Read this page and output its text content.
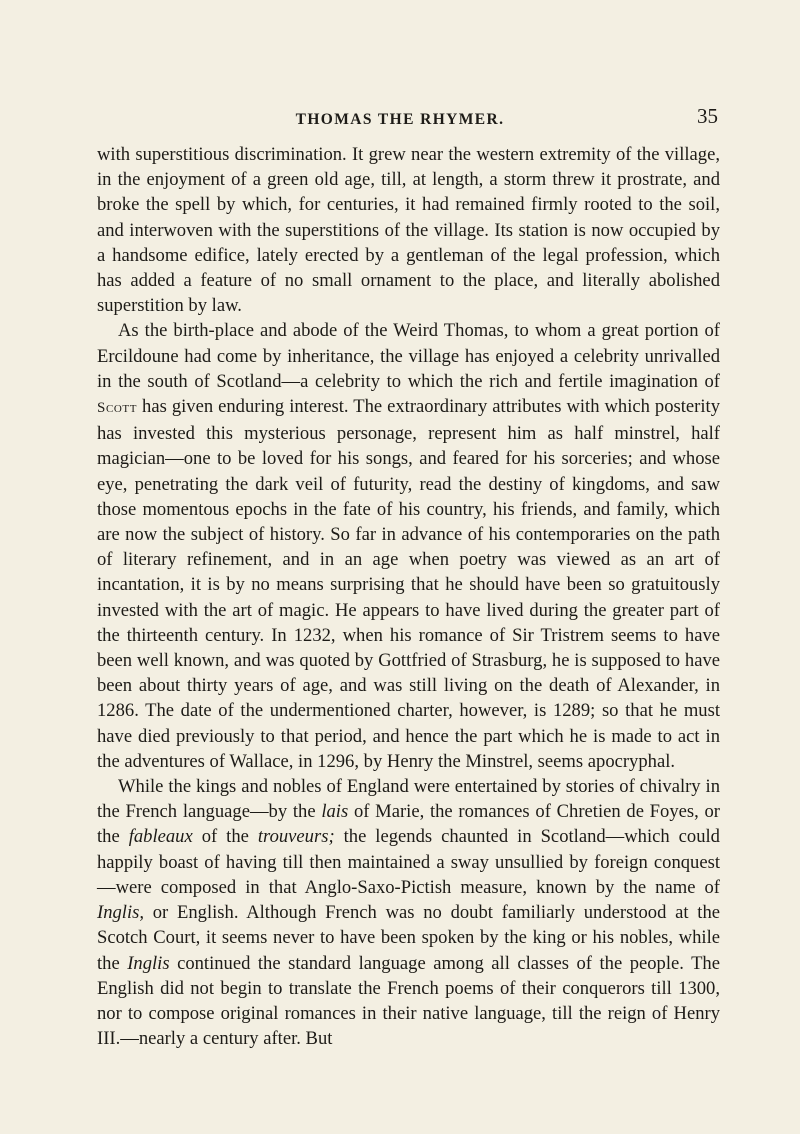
THOMAS THE RHYMER.	35

with superstitious discrimination. It grew near the western extremity of the village, in the enjoyment of a green old age, till, at length, a storm threw it prostrate, and broke the spell by which, for centuries, it had remained firmly rooted to the soil, and interwoven with the superstitions of the village. Its station is now occupied by a handsome edifice, lately erected by a gentleman of the legal profession, which has added a feature of no small ornament to the place, and literally abolished superstition by law.

As the birth-place and abode of the Weird Thomas, to whom a great portion of Ercildoune had come by inheritance, the village has enjoyed a celebrity unrivalled in the south of Scotland—a celebrity to which the rich and fertile imagination of Scott has given enduring interest. The extraordinary attributes with which posterity has invested this mysterious personage, represent him as half minstrel, half magician—one to be loved for his songs, and feared for his sorceries; and whose eye, penetrating the dark veil of futurity, read the destiny of kingdoms, and saw those momentous epochs in the fate of his country, his friends, and family, which are now the subject of history. So far in advance of his contemporaries on the path of literary refinement, and in an age when poetry was viewed as an art of incantation, it is by no means surprising that he should have been so gratuitously invested with the art of magic. He appears to have lived during the greater part of the thirteenth century. In 1232, when his romance of Sir Tristrem seems to have been well known, and was quoted by Gottfried of Strasburg, he is supposed to have been about thirty years of age, and was still living on the death of Alexander, in 1286. The date of the undermentioned charter, however, is 1289; so that he must have died previously to that period, and hence the part which he is made to act in the adventures of Wallace, in 1296, by Henry the Minstrel, seems apocryphal.

While the kings and nobles of England were entertained by stories of chivalry in the French language—by the lais of Marie, the romances of Chretien de Foyes, or the fableaux of the trouveurs; the legends chaunted in Scotland—which could happily boast of having till then maintained a sway unsullied by foreign conquest—were composed in that Anglo-Saxo-Pictish measure, known by the name of Inglis, or English. Although French was no doubt familiarly understood at the Scotch Court, it seems never to have been spoken by the king or his nobles, while the Inglis continued the standard language among all classes of the people. The English did not begin to translate the French poems of their conquerors till 1300, nor to compose original romances in their native language, till the reign of Henry III.—nearly a century after. But
